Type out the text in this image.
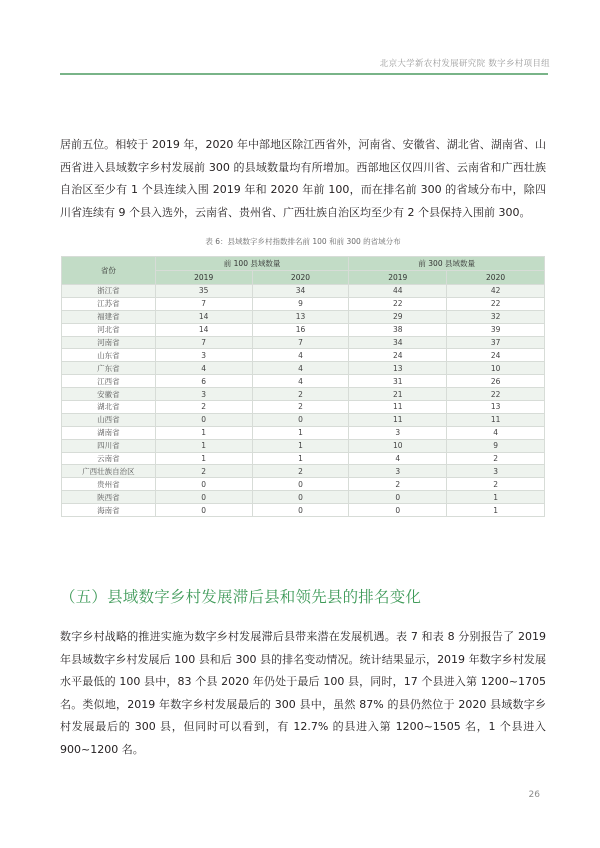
北京大学新农村发展研究院 数字乡村项目组

居前五位。相较于 2019 年，2020 年中部地区除江西省外，河南省、安徽省、湖北省、湖南省、山西省进入县域数字乡村发展前 300 的县域数量均有所增加。西部地区仅四川省、云南省和广西壮族自治区至少有 1 个县连续入围 2019 年和 2020 年前 100，而在排名前 300 的省域分布中，除四川省连续有 9 个县入选外，云南省、贵州省、广西壮族自治区均至少有 2 个县保持入围前 300。

表 6：县域数字乡村指数排名前 100 和前 300 的省域分布
省份	前 100 县域数量		前 300 县域数量	
	2019	2020	2019	2020
浙江省	35	34	44	42
江苏省	7	9	22	22
福建省	14	13	29	32
河北省	14	16	38	39
河南省	7	7	34	37
山东省	3	4	24	24
广东省	4	4	13	10
江西省	6	4	31	26
安徽省	3	2	21	22
湖北省	2	2	11	13
山西省	0	0	11	11
湖南省	1	1	3	4
四川省	1	1	10	9
云南省	1	1	4	2
广西壮族自治区	2	2	3	3
贵州省	0	0	2	2
陕西省	0	0	0	1
海南省	0	0	0	1
（五）县域数字乡村发展滞后县和领先县的排名变化

数字乡村战略的推进实施为数字乡村发展滞后县带来潜在发展机遇。表 7 和表 8 分别报告了 2019 年县域数字乡村发展后 100 县和后 300 县的排名变动情况。统计结果显示，2019 年数字乡村发展水平最低的 100 县中，83 个县 2020 年仍处于最后 100 县，同时，17 个县进入第 1200~1705 名。类似地，2019 年数字乡村发展最后的 300 县中，虽然 87% 的县仍然位于 2020 县域数字乡村发展最后的 300 县，但同时可以看到，有 12.7% 的县进入第 1200~1505 名，1 个县进入 900~1200 名。

26
